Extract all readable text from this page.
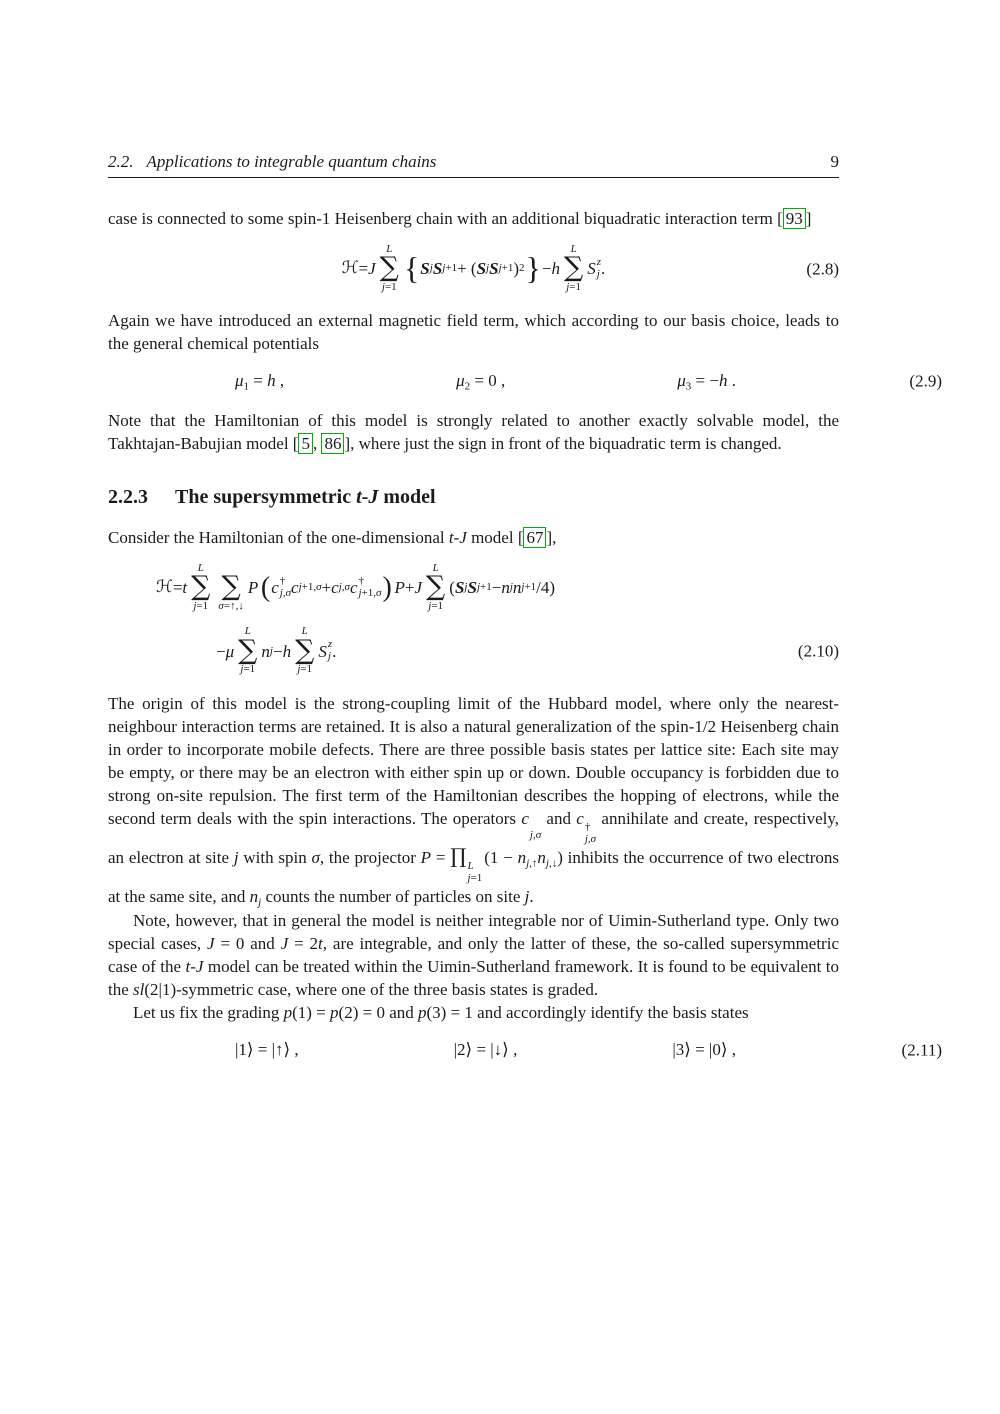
2.2. Applications to integrable quantum chains	9

case is connected to some spin-1 Heisenberg chain with an additional biquadratic interaction term [ 93 ]

ℋ = J
L
∑
j=1
{ S j S j+1 + ( S j S j+1 ) 2 } − h
L
∑
j=1
S z
j .	(2.8)

Again we have introduced an external magnetic field term, which according to our basis choice, leads to the general chemical potentials

$\mu_1 = h$ ,	$\mu_2 = 0$ ,	$\mu_3 = -h$ .	(2.9)

Note that the Hamiltonian of this model is strongly related to another exactly solvable model, the Takhtajan-Babujian model [ 5 , 86 ], where just the sign in front of the biquadratic term is changed.

2.2.3 The supersymmetric t-J model

Consider the Hamiltonian of the one-dimensional t-J model [ 67 ],

ℋ = t
L
∑
j=1
∑
σ=↑,↓
P ( c †
j,σ c j+1,σ + c j,σ c †
j+1,σ ) P + J
L
∑
j=1
( S j S j+1 − n j n j+1 /4)
− μ
L
∑
j=1
n j − h
L
∑
j=1
S z
j .	(2.10)

The origin of this model is the strong-coupling limit of the Hubbard model, where only the nearest-neighbour interaction terms are retained. It is also a natural generalization of the spin-1/2 Heisenberg chain in order to incorporate mobile defects. There are three possible basis states per lattice site: Each site may be empty, or there may be an electron with either spin up or down. Double occupancy is forbidden due to strong on-site repulsion. The first term of the Hamiltonian describes the hopping of electrons, while the second term deals with the spin interactions. The operators c
j,σ
and c †
j,σ
annihilate and create, respectively, an electron at site j with spin σ, the projector P = ∏ L
j=1
$(1 - n_{j,↑}n_{j,↓})$ inhibits the occurrence of two electrons at the same site, and $n_j$ counts the number of particles on site j.

Note, however, that in general the model is neither integrable nor of Uimin-Sutherland type. Only two special cases, J = 0 and J = 2t, are integrable, and only the latter of these, the so-called supersymmetric case of the t-J model can be treated within the Uimin-Sutherland framework. It is found to be equivalent to the sl(2|1)-symmetric case, where one of the three basis states is graded.

Let us fix the grading p(1) = p(2) = 0 and p(3) = 1 and accordingly identify the basis states

|1⟩ = |↑⟩ ,	|2⟩ = |↓⟩ ,	|3⟩ = |0⟩ ,	(2.11)
